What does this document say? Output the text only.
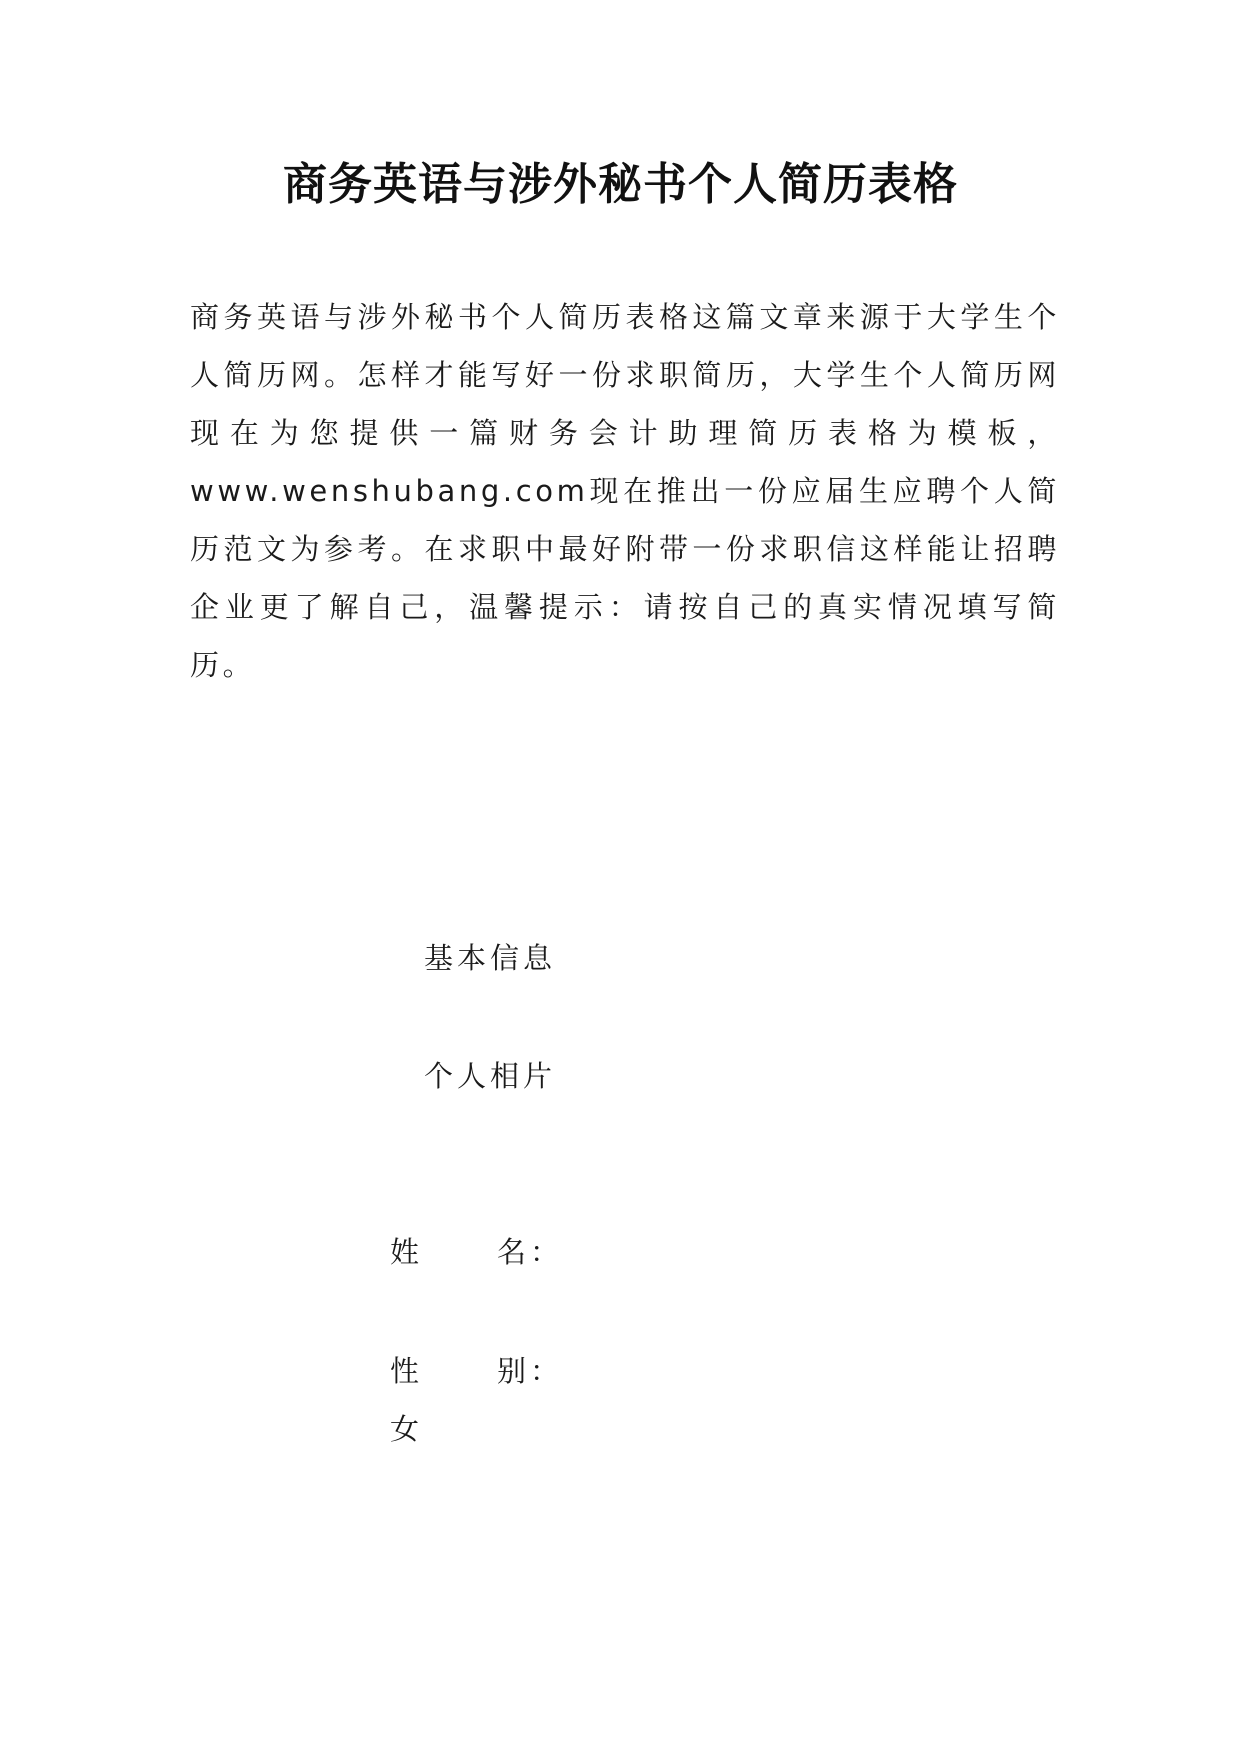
商务英语与涉外秘书个人简历表格

商务英语与涉外秘书个人简历表格这篇文章来源于大学生个人简历网。怎样才能写好一份求职简历，大学生个人简历网现在为您提供一篇财务会计助理简历表格为模板，www.wenshubang.com现在推出一份应届生应聘个人简历范文为参考。在求职中最好附带一份求职信这样能让招聘企业更了解自己，温馨提示：请按自己的真实情况填写简历。

基本信息
个人相片
姓	名：
性	别：
女
